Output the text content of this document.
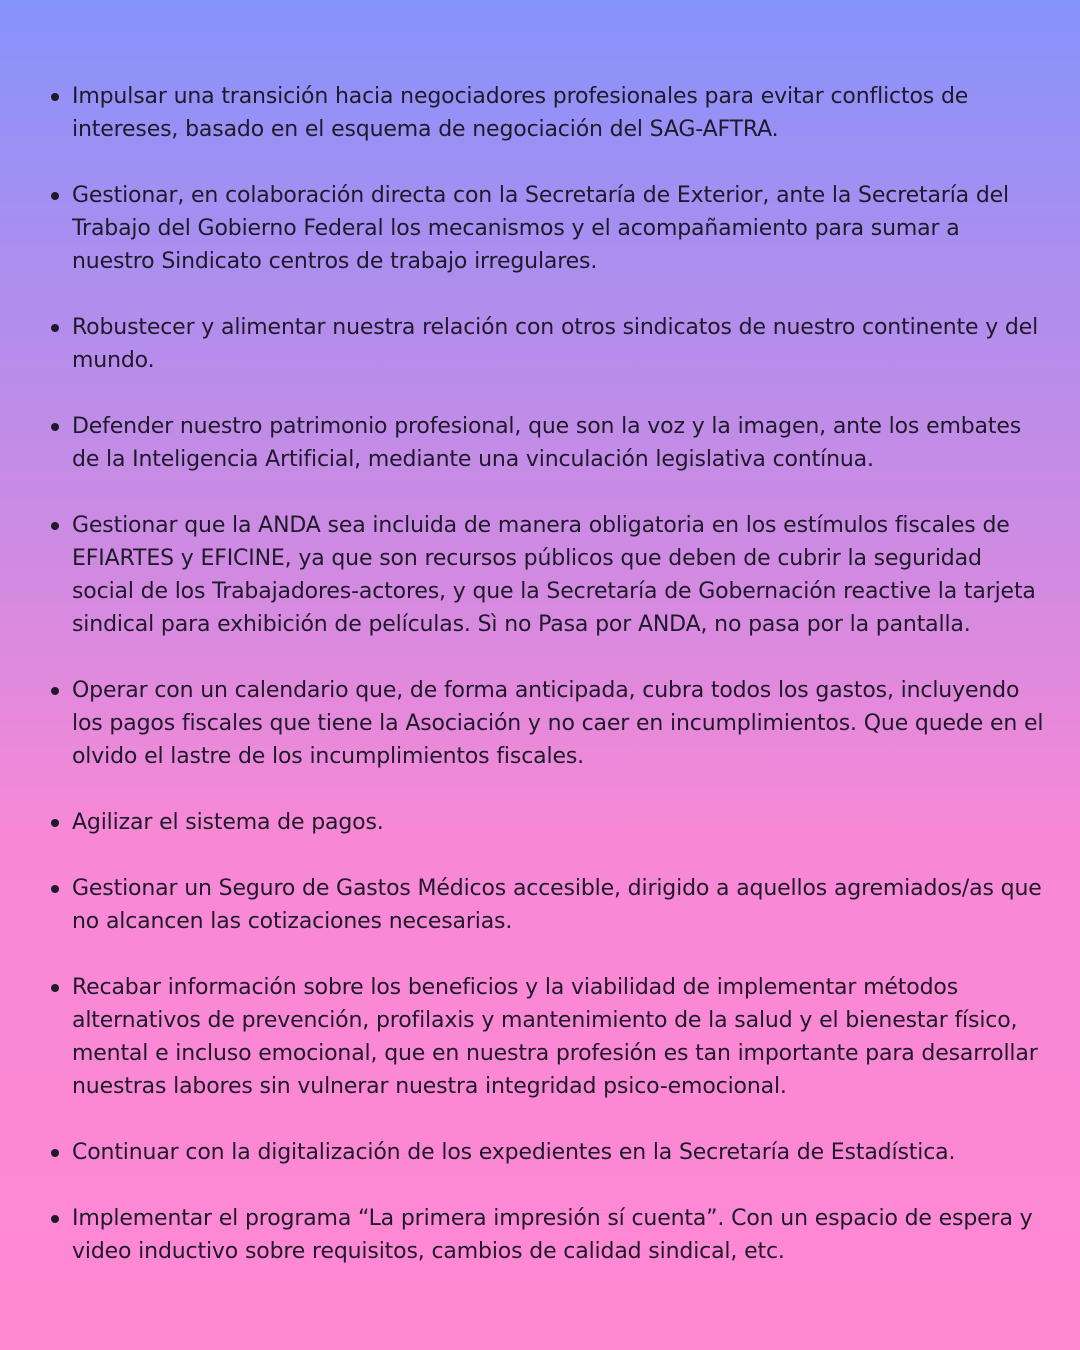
Impulsar una transición hacia negociadores profesionales para evitar conflictos de intereses, basado en el esquema de negociación del SAG-AFTRA.
Gestionar, en colaboración directa con la Secretaría de Exterior, ante la Secretaría del Trabajo del Gobierno Federal los mecanismos y el acompañamiento para sumar a nuestro Sindicato centros de trabajo irregulares.
Robustecer y alimentar nuestra relación con otros sindicatos de nuestro continente y del mundo.
Defender nuestro patrimonio profesional, que son la voz y la imagen, ante los embates de la Inteligencia Artificial, mediante una vinculación legislativa contínua.
Gestionar que la ANDA sea incluida de manera obligatoria en los estímulos fiscales de EFIARTES y EFICINE, ya que son recursos públicos que deben de cubrir la seguridad social de los Trabajadores-actores, y que la Secretaría de Gobernación reactive la tarjeta sindical para exhibición de películas. Sì no Pasa por ANDA, no pasa por la pantalla.
Operar con un calendario que, de forma anticipada, cubra todos los gastos, incluyendo los pagos fiscales que tiene la Asociación y no caer en incumplimientos. Que quede en el olvido el lastre de los incumplimientos fiscales.
Agilizar el sistema de pagos.
Gestionar un Seguro de Gastos Médicos accesible, dirigido a aquellos agremiados/as que no alcancen las cotizaciones necesarias.
Recabar información sobre los beneficios y la viabilidad de implementar métodos alternativos de prevención, profilaxis y mantenimiento de la salud y el bienestar físico, mental e incluso emocional, que en nuestra profesión es tan importante para desarrollar nuestras labores sin vulnerar nuestra integridad psico-emocional.
Continuar con la digitalización de los expedientes en la Secretaría de Estadística.
Implementar el programa “La primera impresión sí cuenta”. Con un espacio de espera y video inductivo sobre requisitos, cambios de calidad sindical, etc.
